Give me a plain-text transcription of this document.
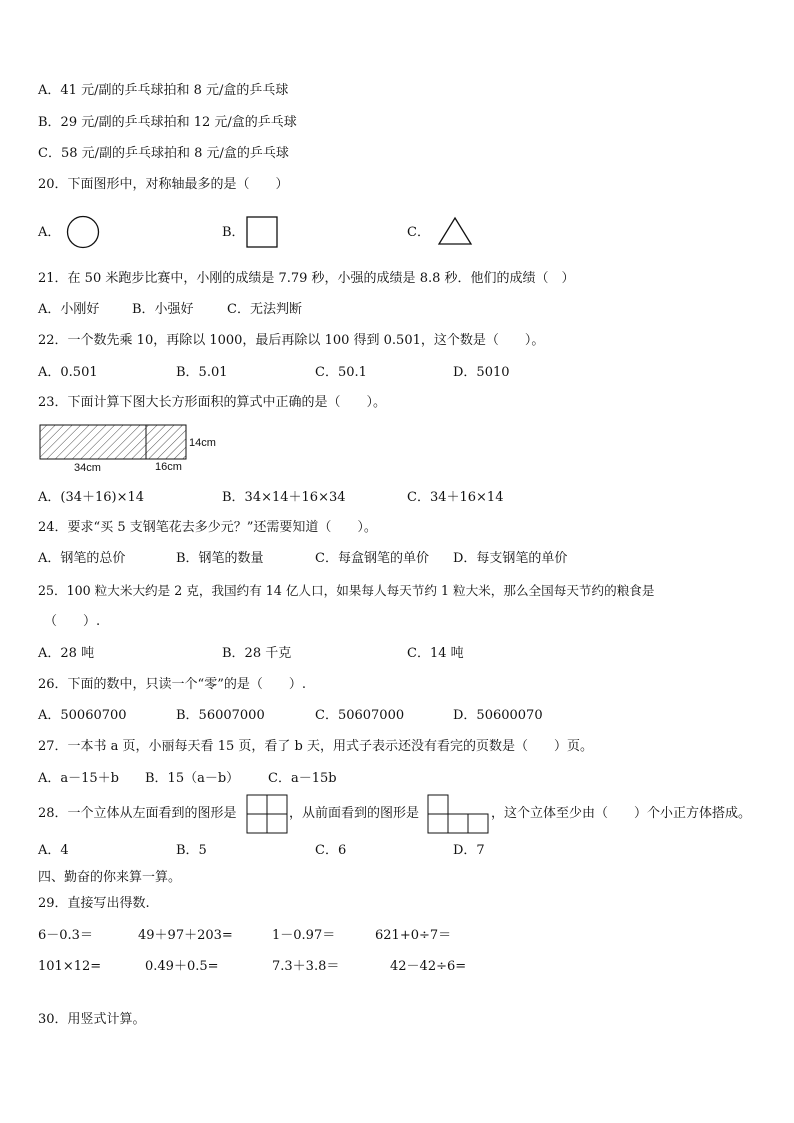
A．41 元/副的乒乓球拍和 8 元/盒的乒乓球
B．29 元/副的乒乓球拍和 12 元/盒的乒乓球
C．58 元/副的乒乓球拍和 8 元/盒的乒乓球
20．下面图形中，对称轴最多的是（　　）
A．	B．	C．
21．在 50 米跑步比赛中，小刚的成绩是 7.79 秒，小强的成绩是 8.8 秒．他们的成绩（　）
A．小刚好	B．小强好	C．无法判断
22．一个数先乘 10，再除以 1000，最后再除以 100 得到 0.501，这个数是（　　）。
A．0.501	B．5.01	C．50.1	D．5010
23．下面计算下图大长方形面积的算式中正确的是（　　）。
14cm
34cm	16cm
A．(34＋16)×14	B．34×14＋16×34	C．34＋16×14
24．要求“买 5 支钢笔花去多少元？”还需要知道（　　）。
A．钢笔的总价	B．钢笔的数量	C．每盒钢笔的单价 D．每支钢笔的单价
25．100 粒大米大约是 2 克，我国约有 14 亿人口，如果每人每天节约 1 粒大米，那么全国每天节约的粮食是
（　　）.
A．28 吨	B．28 千克	C．14 吨
26．下面的数中，只读一个“零”的是（　　）.
A．50060700	B．56007000	C．50607000	D．50600070
27．一本书 a 页，小丽每天看 15 页，看了 b 天，用式子表示还没有看完的页数是（　　）页。
A．a－15＋b B．15（a－b） C．a－15b
28．一个立体从左面看到的图形是	，从前面看到的图形是	，这个立体至少由（　　）个小正方体搭成。
A．4	B．5	C．6	D．7
四、勤奋的你来算一算。
29．直接写出得数.
6－0.3＝	49＋97＋203=	1－0.97＝	621+0÷7＝
101×12=	0.49＋0.5=	7.3＋3.8＝	42－42÷6=
30．用竖式计算。
